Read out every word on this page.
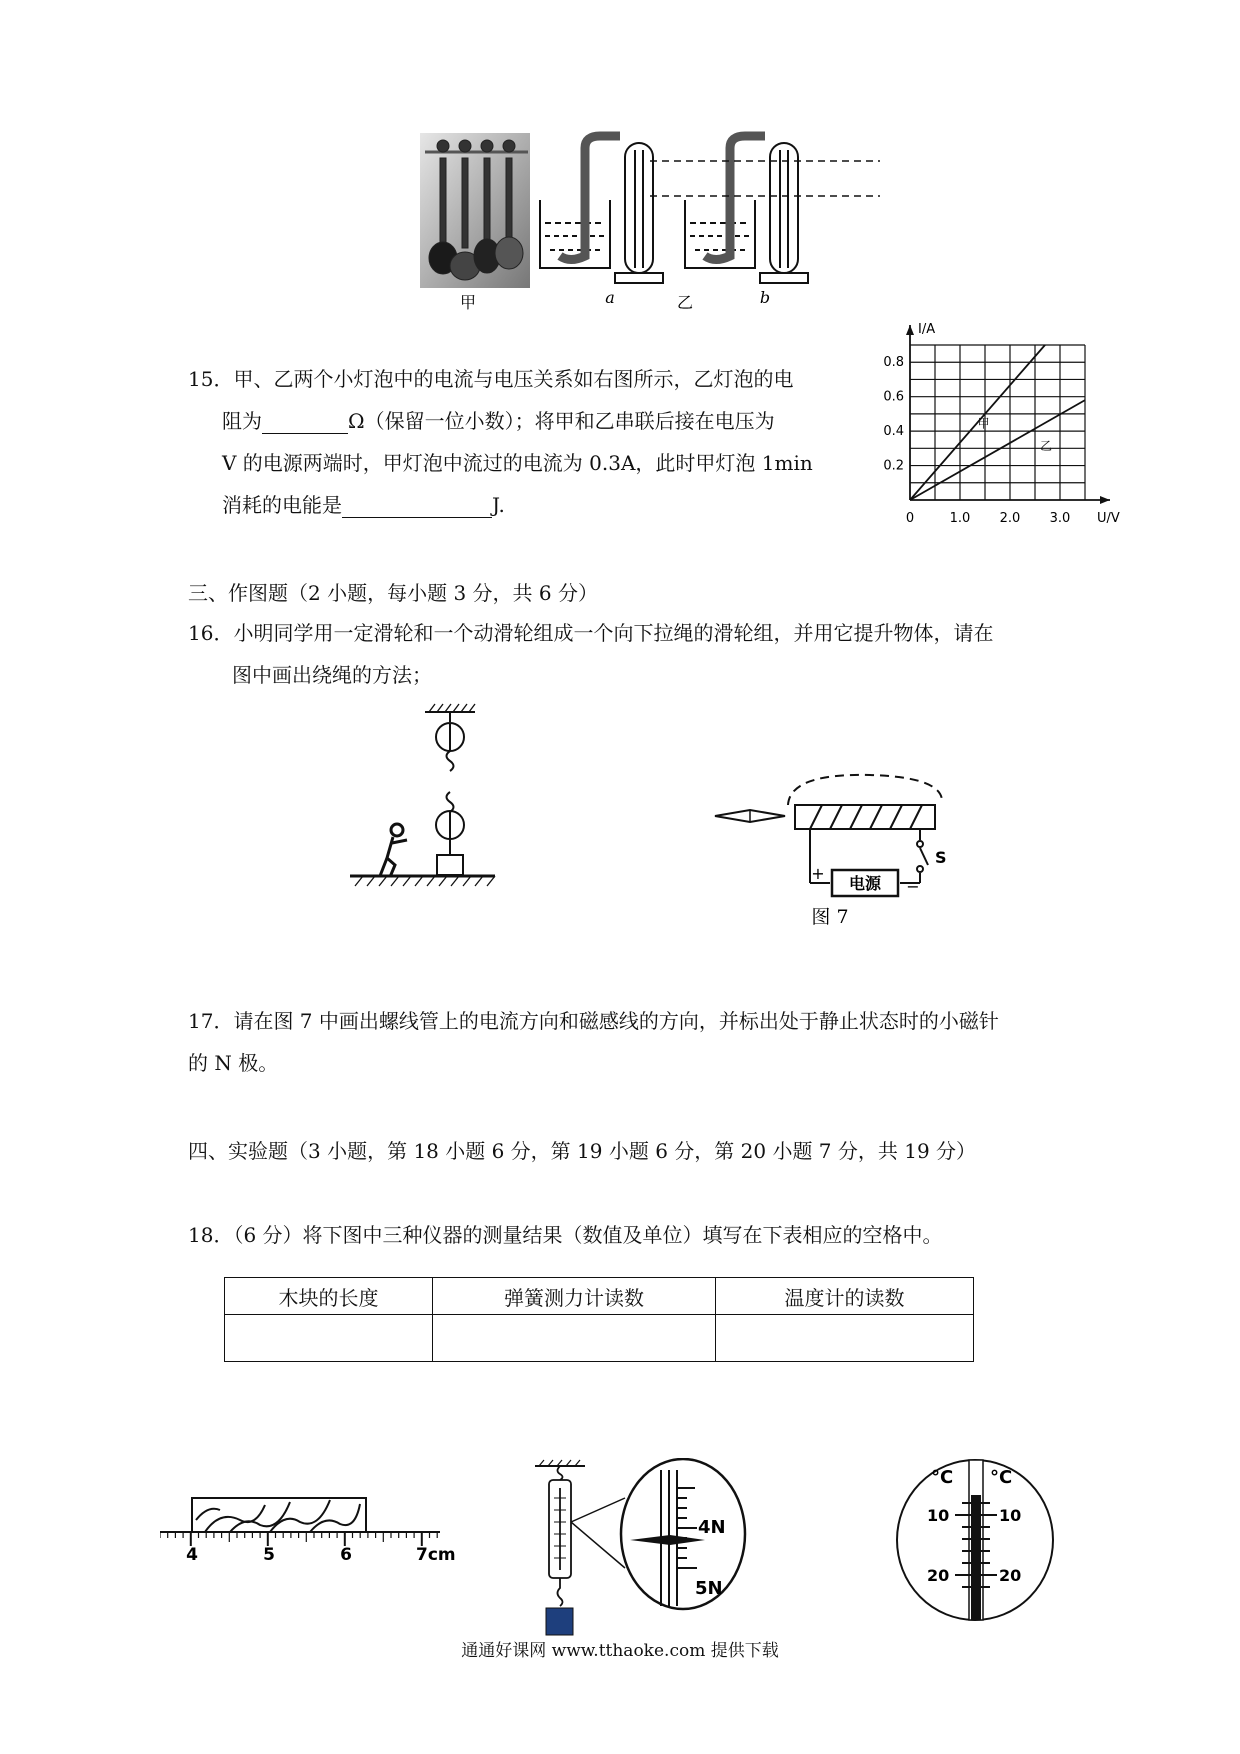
甲	a	乙	b
15．甲、乙两个小灯泡中的电流与电压关系如右图所示，乙灯泡的电
阻为	Ω（保留一位小数）；将甲和乙串联后接在电压为
V 的电源两端时，甲灯泡中流过的电流为 0.3A，此时甲灯泡 1min
消耗的电能是	J.
I/A
U/V
0	1.0 2.0 3.0
0.2
0.4
0.6
0.8
甲
乙
三、作图题（2 小题，每小题 3 分，共 6 分）
16．小明同学用一定滑轮和一个动滑轮组成一个向下拉绳的滑轮组，并用它提升物体，请在
图中画出绕绳的方法；
电源
+
−
S
图 7
17．请在图 7 中画出螺线管上的电流方向和磁感线的方向，并标出处于静止状态时的小磁针
的 N 极。
四、实验题（3 小题，第 18 小题 6 分，第 19 小题 6 分，第 20 小题 7 分，共 19 分）
18．（6 分）将下图中三种仪器的测量结果（数值及单位）填写在下表相应的空格中。
木块的长度	弹簧测力计读数	温度计的读数

4	5	6	7cm
4N
5N
°C °C
10	10
20	20
通通好课网 www.tthaoke.com 提供下载
